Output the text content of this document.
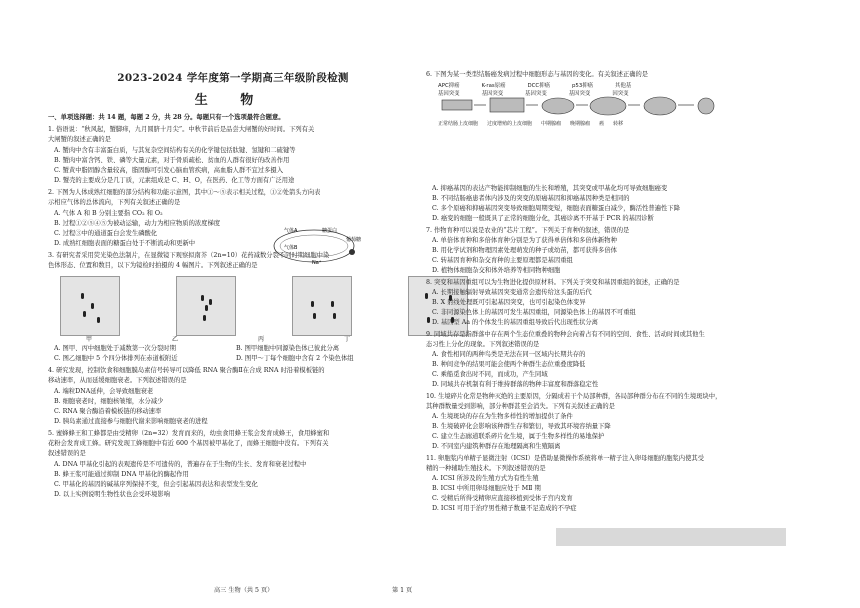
2023-2024 学年度第一学期高三年级阶段检测
生 物
一、单项选择题：共 14 题，每题 2 分，共 28 分。每题只有一个选项最符合题意。
1. 俗语说：“秋风起，蟹脚痒，九月圆脐十月尖”。中秋节前后是品尝大闸蟹的好时间。下列有关
大闸蟹的叙述正确的是
A. 蟹肉中含有丰富蛋白质，与其复杂空间结构有关的化学键包括肽键、氢键和二硫键等
B. 蟹肉中富含钙、铁、磷等大量元素，对于骨质疏松、贫血的人群有很好的改善作用
C. 蟹黄中脂固醇含量较高，脂固醇可引发心脑血管疾病，高血脂人群不宜过多摄入
D. 蟹壳的主要成分是几丁质，元素组成是 C、H、O，在医药、化工等方面有广泛用途
2. 下图为人体成熟红细胞的部分结构和功能示意图，其中①～⑤表示相关过程，①②处箭头方向表
示相应气体的总体流向，下列有关叙述正确的是
A. 气体 A 和 B 分别主要指 CO₂ 和 O₂
B. 过程①②⑤④⑤为被动运输，动力为相应物质的浓度梯度
C. 过程③中的通道蛋白会发生磷酸化
D. 成熟红细胞表面的糖蛋白处于不断流动和更新中
3. 有研究者采用荧光染色法制片，在显微镜下观察拟南芥（2n=10）花药减数分裂不同时期细胞中染
色体形态、位置和数目，以下为镜检时拍摄的 4 幅图片。下列叙述正确的是
A. 图甲、丙中细胞处于减数第一次分裂时期	B. 图甲细胞中同源染色体已彼此分离
C. 图乙细胞中 5 个四分体排列在赤道板附近	D. 图甲～丁每个细胞中含有 2 个染色体组
4. 研究发现，控制饮食和细胞膜岛素信号转导可以降低 RNA 聚合酶Ⅱ在合成 RNA 时沿着模板链的
移动速率，从而延缓细胞衰老。下列叙述错误的是
A. 端粒DNA延伸，会导致细胞衰老
B. 细胞衰老时，细胞核皱缩，水分减少
C. RNA 聚合酶沿着模板链的移动速率
D. 胰岛素通过直接参与细胞代谢来影响细胞衰老的进程
5. 蜜蜂蜂王和工蜂都是由受精卵（2n=32）发育而来的，幼虫食用蜂王浆会发育成蜂王，食用蜂蜜和
花粉会发育成工蜂。研究发现工蜂细胞中有近 600 个基因被甲基化了，而蜂王细胞中没有。下列有关
叙述错误的是
A. DNA 甲基化引起的表观遗传是不可遗传的，普遍存在于生物的生长、发育和衰老过程中
B. 蜂王浆可能通过抑制 DNA 甲基化的酶起作用
C. 甲基化的基因的碱基序列保持不变，但会引起基因表达和表型发生变化
D. 以上实例说明生物性状也会受环境影响
气体A
气体B
葡萄糖
Na⁺
糖蛋白
甲	乙	丙	丁
6. 下图为某一类型结肠癌发病过程中细胞形态与基因的变化。有关叙述正确的是
A. 抑癌基因的表达产物能抑制细胞的生长和增殖，其突变或甲基化均可导致细胞癌变
B. 不同结肠癌患者体内涉及的突变的原癌基因和抑癌基因种类是相同的
C. 多个原癌和抑癌基因突变导致细胞周期变短，细胞表面糖蛋白减少，酶活性普遍性下降
D. 癌变的细胞一般既具了正常的细胞分化，其癌诊离不开基于 PCR 的基因诊断
7. 作物育种可以说是农业的“芯片工程”。下列关于育种的叙述，错误的是
A. 单倍体育种和多倍体育种分别是为了获得单倍体和多倍体新物种
B. 用化学试剂和物理因素处理萌发的种子或幼苗，都可获得多倍体
C. 转基因育种和杂交育种的主要原理都是基因重组
D. 植物体细胞杂交和体外培养等相同物种细胞
8. 突变和基因重组可以为生物进化提供原材料。下列关于突变和基因重组的叙述，正确的是
A. 长期接触辐射导致基因突变通常会遗传给这头蛋的后代
B. X 射线处理既可引起基因突变，也可引起染色体变异
C. 非同源染色体上的基因可发生基因重组，同源染色体上的基因不可重组
D. 基因型 Aa 的个体发生的基因重组导致后代出现性状分离
9. 同域共存是指群落中存在两个生态位重叠的物种会向着占有不同的空间、食性、活动时间或其他生
态习性上分化的现象。下列叙述错误的是
A. 食性相同的两种鸟类是无法在同一区域内长期共存的
B. 种间竞争的结果可能会使两个种群生态位重叠度降低
C. 乘船觅食出时不同，而成功，产生同域
D. 同域共存机制有利于维持群落的物种丰富度和群落稳定性
10. 生境碎片化常是物种灭绝的主要原因，分隔成若干个局部种群，各局部种群分布在不同的生境斑块中，
其种群数量受到影响，部分种群甚至会消失。下列有关叙述正确的是
A. 生境斑块的存在为生物多样性的增加提供了条件
B. 生境破碎化会影响该种群生存和繁衍，导致其环境容纳量下降
C. 建立生态廊道联系碎片化生境，属于生物多样性的易地保护
D. 不同室内建筑种群存在地理隔离和生殖隔离
11. 卵胞浆内单精子显微注射（ICSI）是借助显微操作系统将单一精子注入卵母细胞的胞浆内使其受
精的一种辅助生殖技术。下列叙述错误的是
A. ICSI 所涉及的生殖方式为有性生殖
B. ICSI 中所用卵母细胞应处于 MⅡ 期
C. 受精后所得受精卵应直接移植到受体子宫内发育
D. ICSI 可用于治疗男性精子数量不足造成的不孕症
APC抑癌	K-ras原癌	DCC抑癌	p53抑癌	其他基
基因突变	基因突变	基因突变	基因突变	因突变
正常结肠上皮细胞 过度增殖的上皮细胞 中期腺瘤 晚期腺瘤 癌 转移
高三 生物（共 5 页）	第 1 页
